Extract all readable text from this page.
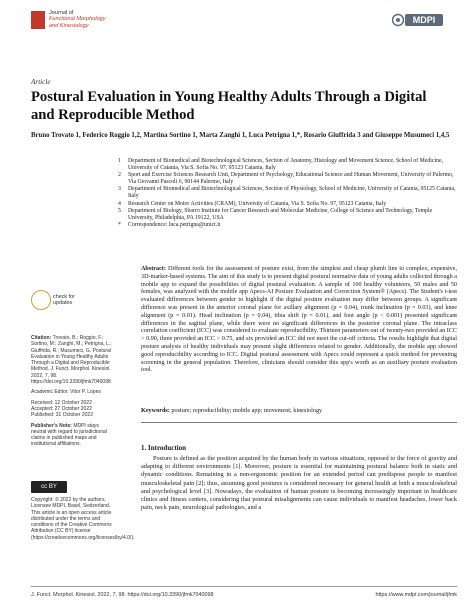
Journal of
Functional Morphology
and Kinesiology
MDPI
Article
Postural Evaluation in Young Healthy Adults Through a Digital and Reproducible Method
Bruno Trovato 1, Federico Roggio 1,2, Martina Sortino 1, Marta Zanghì 1, Luca Petrigna 1,*, Rosario Giuffrida 3 and Giuseppe Musumeci 1,4,5
1	Department of Biomedical and Biotechnological Sciences, Section of Anatomy, Histology and Movement Science, School of Medicine, University of Catania, Via S. Sofia No. 97, 95123 Catania, Italy
2	Sport and Exercise Sciences Research Unit, Department of Psychology, Educational Science and Human Movement, University of Palermo, Via Giovanni Pascoli 6, 90144 Palermo, Italy
3	Department of Biomedical and Biotechnological Sciences, Section of Physiology, School of Medicine, University of Catania, 95125 Catania, Italy
4	Research Center on Motor Activities (CRAM), University of Catania, Via S. Sofia No. 97, 95123 Catania, Italy
5	Department of Biology, Sbarro Institute for Cancer Research and Molecular Medicine, College of Science and Technology, Temple University, Philadelphia, PA 19122, USA
*	Correspondence: luca.petrigna@unict.it
Abstract: Different tools for the assessment of posture exist, from the simplest and cheap plumb line to complex, expensive, 3D-marker-based systems. The aim of this study is to present digital postural normative data of young adults collected through a mobile app to expand the possibilities of digital postural evaluation. A sample of 100 healthy volunteers, 50 males and 50 females, was analyzed with the mobile app Apecs-AI Posture Evaluation and Correction System® (Apecs). The Student's t-test evaluated differences between gender to highlight if the digital posture evaluation may differ between groups. A significant difference was present in the anterior coronal plane for axillary alignment (p = 0.04), trunk inclination (p = 0.03), and knee alignment (p = 0.01). Head inclination (p = 0.04), tibia shift (p = 0.01), and foot angle (p < 0.001) presented significant differences in the sagittal plane, while there were no significant differences in the posterior coronal plane. The intraclass correlation coefficient (ICC) was considered to evaluate reproducibility. Thirteen parameters out of twenty-two provided an ICC > 0.90, three provided an ICC > 0.75, and six provided an ICC did not meet the cut-off criteria. The results highlight that digital posture analysis of healthy individuals may present slight differences related to gender. Additionally, the mobile app showed good reproducibility according to ICC. Digital postural assessment with Apecs could represent a quick method for preventing screening in the general population. Therefore, clinicians should consider this app's worth as an auxiliary posture evaluation tool.
Keywords: posture; reproducibility; mobile app; movement; kinesiology
check for
updates

Citation: Trovato, B.; Roggio, F.; Sortino, M.; Zanghì, M.; Petrigna, L.; Giuffrida, R.; Musumeci, G. Postural Evaluation in Young Healthy Adults Through a Digital and Reproducible Method. J. Funct. Morphol. Kinesiol. 2022, 7, 98. https://doi.org/10.3390/jfmk7040098

Academic Editor: Vitor P. Lopes

Received: 12 October 2022

Accepted: 27 October 2022

Published: 31 October 2022

Publisher's Note: MDPI stays neutral with regard to jurisdictional claims in published maps and institutional affiliations.

cc BY
Copyright: © 2022 by the authors. Licensee MDPI, Basel, Switzerland. This article is an open access article distributed under the terms and conditions of the Creative Commons Attribution (CC BY) license (https://creativecommons.org/licenses/by/4.0/).
1. Introduction
Posture is defined as the position acquired by the human body in various situations, opposed to the force of gravity and adapting to different environments [1]. Moreover, posture is essential for maintaining postural balance both in static and dynamic conditions. Remaining in a non-ergonomic position for an extended period can predispose people to manifest musculoskeletal pain [2]; thus, assuming good postures is considered necessary for general health at both a musculoskeletal and psychological level [3]. Nowadays, the evaluation of human posture is becoming increasingly important in healthcare clinics and fitness centers, considering that postural misalignments can cause individuals to manifest headaches, lower back pain, neck pain, neurological pathologies, and a
J. Funct. Morphol. Kinesiol. 2022, 7, 98. https://doi.org/10.3390/jfmk7040098	https://www.mdpi.com/journal/jfmk
